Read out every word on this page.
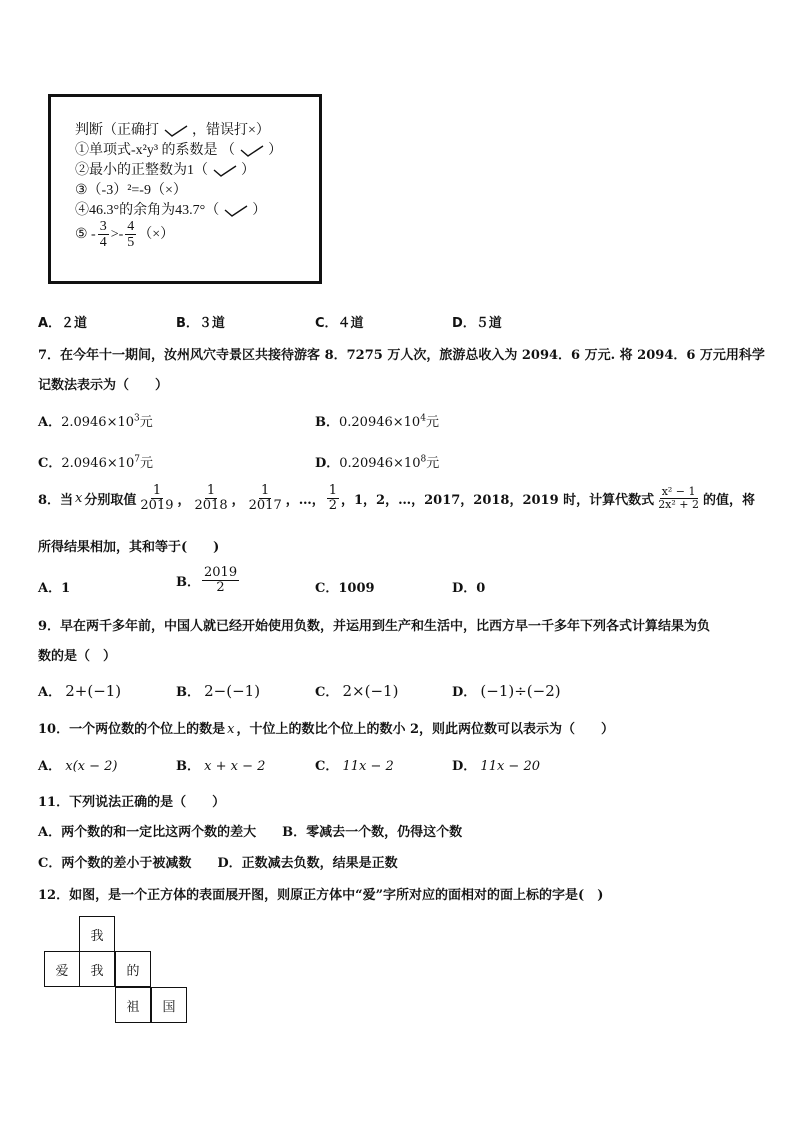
判断（正确打 ，错误打×）
①单项式-x²y³ 的系数是 （ ）
②最小的正整数为1（ ）
③（-3）²=-9（×）
④46.3°的余角为43.7°（ ）
⑤ - $\frac{3}{4} >- \frac{4}{5}$ （×）
A．２道	B．３道	C．４道	D．５道
7．在今年十一期间，汝州风穴寺景区共接待游客 8．7275 万人次，旅游总收入为 2094．6 万元. 将 2094．6 万元用科学
记数法表示为（　　）
A．$2.0946\times 10^3$元	B．$0.20946\times 10^4$元
C．$2.0946\times 10^7$元	D．$0.20946\times 10^8$元
8．当 x 分别取值 $\frac{1}{2019}$ ， $\frac{1}{2018}$ ， $\frac{1}{2017}$ ，…， $\frac{1}{2}$ ，1，2，…，2017，2018，2019 时，计算代数式 $\frac{\text{x² − 1}}{\text{2x² + 2}}$ 的值，将
所得结果相加，其和等于(　　)
A．1	B． $\frac{2019}{2}$	C．1009	D．0
9．早在两千多年前，中国人就已经开始使用负数，并运用到生产和生活中，比西方早一千多年下列各式计算结果为负
数的是（　）
A． 2+(−1)	B． 2−(−1)	C． 2×(−1)	D． (−1)÷(−2)
10．一个两位数的个位上的数是 x ，十位上的数比个位上的数小 2，则此两位数可以表示为（　　）
A． x(x − 2)	B． x + x − 2	C． 11x − 2	D． 11x − 20
11．下列说法正确的是（　　）
A．两个数的和一定比这两个数的差大　　B．零减去一个数，仍得这个数
C．两个数的差小于被减数　　D．正数减去负数，结果是正数
12．如图，是一个正方体的表面展开图，则原正方体中“爱”字所对应的面相对的面上标的字是(　)
我
爱	我	的
祖	国
